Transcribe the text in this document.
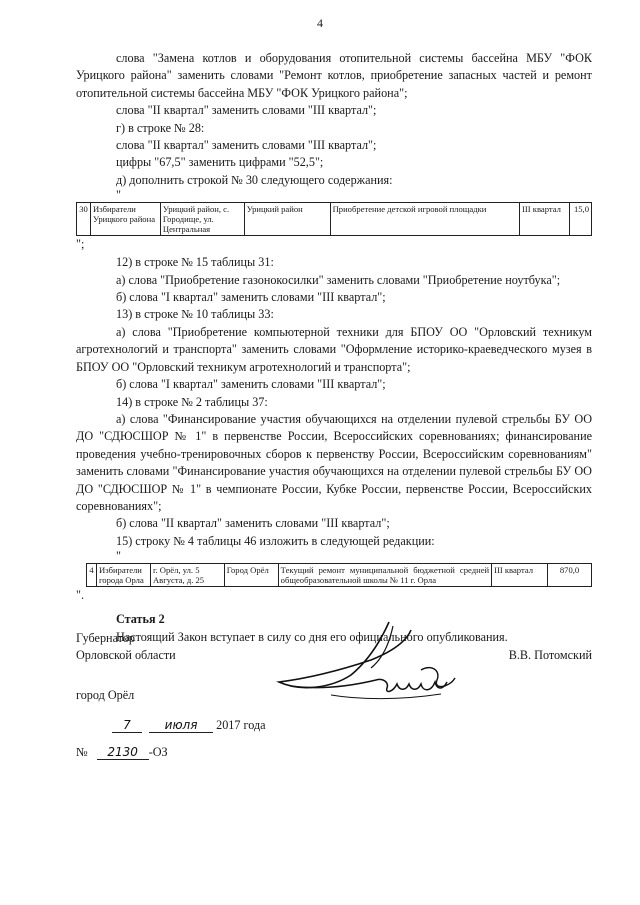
4

слова "Замена котлов и оборудования отопительной системы бассейна МБУ "ФОК Урицкого района" заменить словами "Ремонт котлов, приобретение запасных частей и ремонт отопительной системы бассейна МБУ "ФОК Урицкого района";

слова "II квартал" заменить словами "III квартал";

г) в строке № 28:

слова "II квартал" заменить словами "III квартал";

цифры "67,5" заменить цифрами "52,5";

д) дополнить строкой № 30 следующего содержания:

"

30	Избиратели Урицкого района	Урицкий район, с. Городище, ул. Центральная	Урицкий район	Приобретение детской игровой площадки	III квартал	15,0

";

12) в строке № 15 таблицы 31:

а) слова "Приобретение газонокосилки" заменить словами "Приобретение ноутбука";

б) слова "I квартал" заменить словами "III квартал";

13) в строке № 10 таблицы 33:

а) слова "Приобретение компьютерной техники для БПОУ ОО "Орловский техникум агротехнологий и транспорта" заменить словами "Оформление историко-краеведческого музея в БПОУ ОО "Орловский техникум агротехнологий и транспорта";

б) слова "I квартал" заменить словами "III квартал";

14) в строке № 2 таблицы 37:

а) слова "Финансирование участия обучающихся на отделении пулевой стрельбы БУ ОО ДО "СДЮСШОР № 1" в первенстве России, Всероссийских соревнованиях; финансирование проведения учебно-тренировочных сборов к первенству России, Всероссийским соревнованиям" заменить словами "Финансирование участия обучающихся на отделении пулевой стрельбы БУ ОО ДО "СДЮСШОР № 1" в чемпионате России, Кубке России, первенстве России, Всероссийских соревнованиях";

б) слова "II квартал" заменить словами "III квартал";

15) строку № 4 таблицы 46 изложить в следующей редакции:

"

4	Избиратели города Орла	г. Орёл, ул. 5 Августа, д. 25	Город Орёл	Текущий ремонт муниципальной бюджетной средней общеобразовательной школы № 11 г. Орла	III квартал	870,0

".

Статья 2

Настоящий Закон вступает в силу со дня его официального опубликования.

Губернатор
Орловской области	В.В. Потомский
город Орёл
7	июля 2017 года
№ 2130 -ОЗ
